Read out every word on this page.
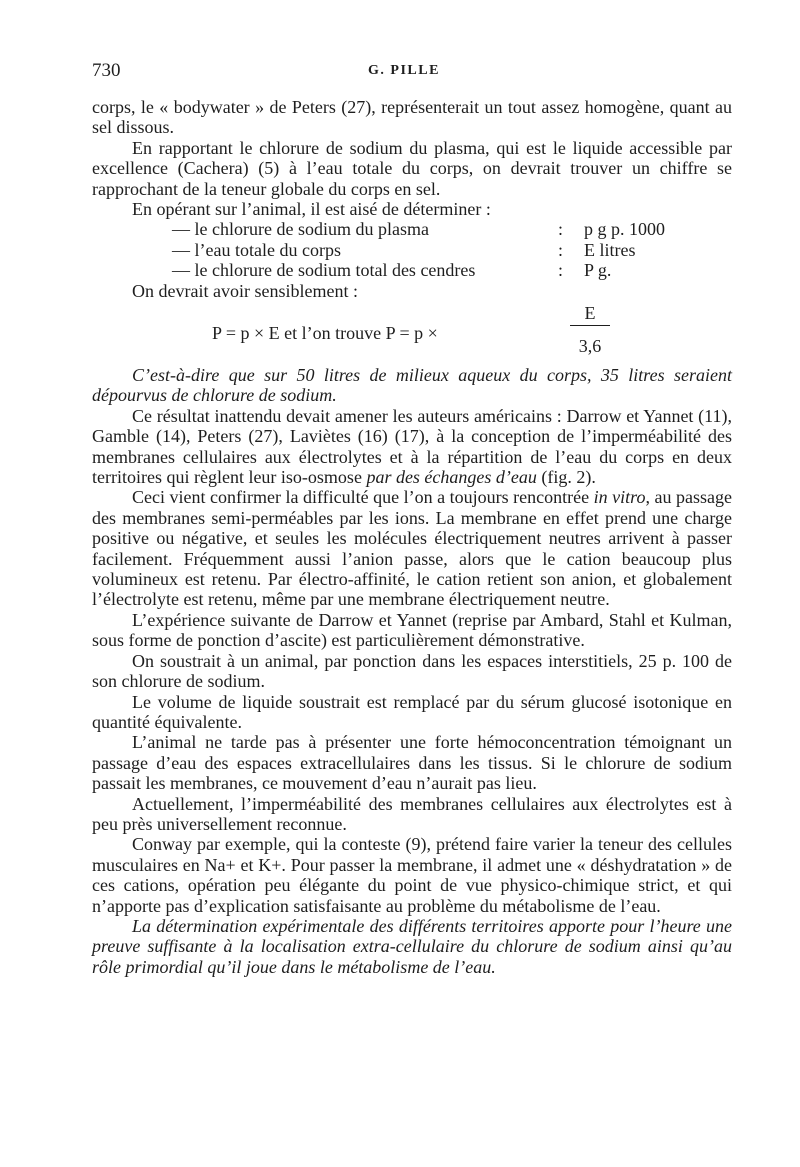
730	G. PILLE

corps, le « bodywater » de Peters (27), représenterait un tout assez homogène, quant au sel dissous.

En rapportant le chlorure de sodium du plasma, qui est le liquide accessible par excellence (Cachera) (5) à l’eau totale du corps, on devrait trouver un chiffre se rapprochant de la teneur globale du corps en sel.

En opérant sur l’animal, il est aisé de déterminer :

— le chlorure de sodium du plasma	:	p g p. 1000
— l’eau totale du corps	:	E litres
— le chlorure de sodium total des cendres	:	P g.

On devrait avoir sensiblement :

P = p × E et l’on trouve P = p ×
E
3,6

C’est-à-dire que sur 50 litres de milieux aqueux du corps, 35 litres seraient dépourvus de chlorure de sodium.

Ce résultat inattendu devait amener les auteurs américains : Darrow et Yannet (11), Gamble (14), Peters (27), Laviètes (16) (17), à la conception de l’imperméabilité des membranes cellulaires aux électrolytes et à la répartition de l’eau du corps en deux territoires qui règlent leur iso-osmose par des échanges d’eau (fig. 2).

Ceci vient confirmer la difficulté que l’on a toujours rencontrée in vitro, au passage des membranes semi-perméables par les ions. La membrane en effet prend une charge positive ou négative, et seules les molécules électriquement neutres arrivent à passer facilement. Fréquemment aussi l’anion passe, alors que le cation beaucoup plus volumineux est retenu. Par électro-affinité, le cation retient son anion, et globalement l’électrolyte est retenu, même par une membrane électriquement neutre.

L’expérience suivante de Darrow et Yannet (reprise par Ambard, Stahl et Kulman, sous forme de ponction d’ascite) est particulièrement démonstrative.

On soustrait à un animal, par ponction dans les espaces interstitiels, 25 p. 100 de son chlorure de sodium.

Le volume de liquide soustrait est remplacé par du sérum glucosé isotonique en quantité équivalente.

L’animal ne tarde pas à présenter une forte hémoconcentration témoignant un passage d’eau des espaces extracellulaires dans les tissus. Si le chlorure de sodium passait les membranes, ce mouvement d’eau n’aurait pas lieu.

Actuellement, l’imperméabilité des membranes cellulaires aux électrolytes est à peu près universellement reconnue.

Conway par exemple, qui la conteste (9), prétend faire varier la teneur des cellules musculaires en Na+ et K+. Pour passer la membrane, il admet une « déshydratation » de ces cations, opération peu élégante du point de vue physico-chimique strict, et qui n’apporte pas d’explication satisfaisante au problème du métabolisme de l’eau.

La détermination expérimentale des différents territoires apporte pour l’heure une preuve suffisante à la localisation extra-cellulaire du chlorure de sodium ainsi qu’au rôle primordial qu’il joue dans le métabolisme de l’eau.
